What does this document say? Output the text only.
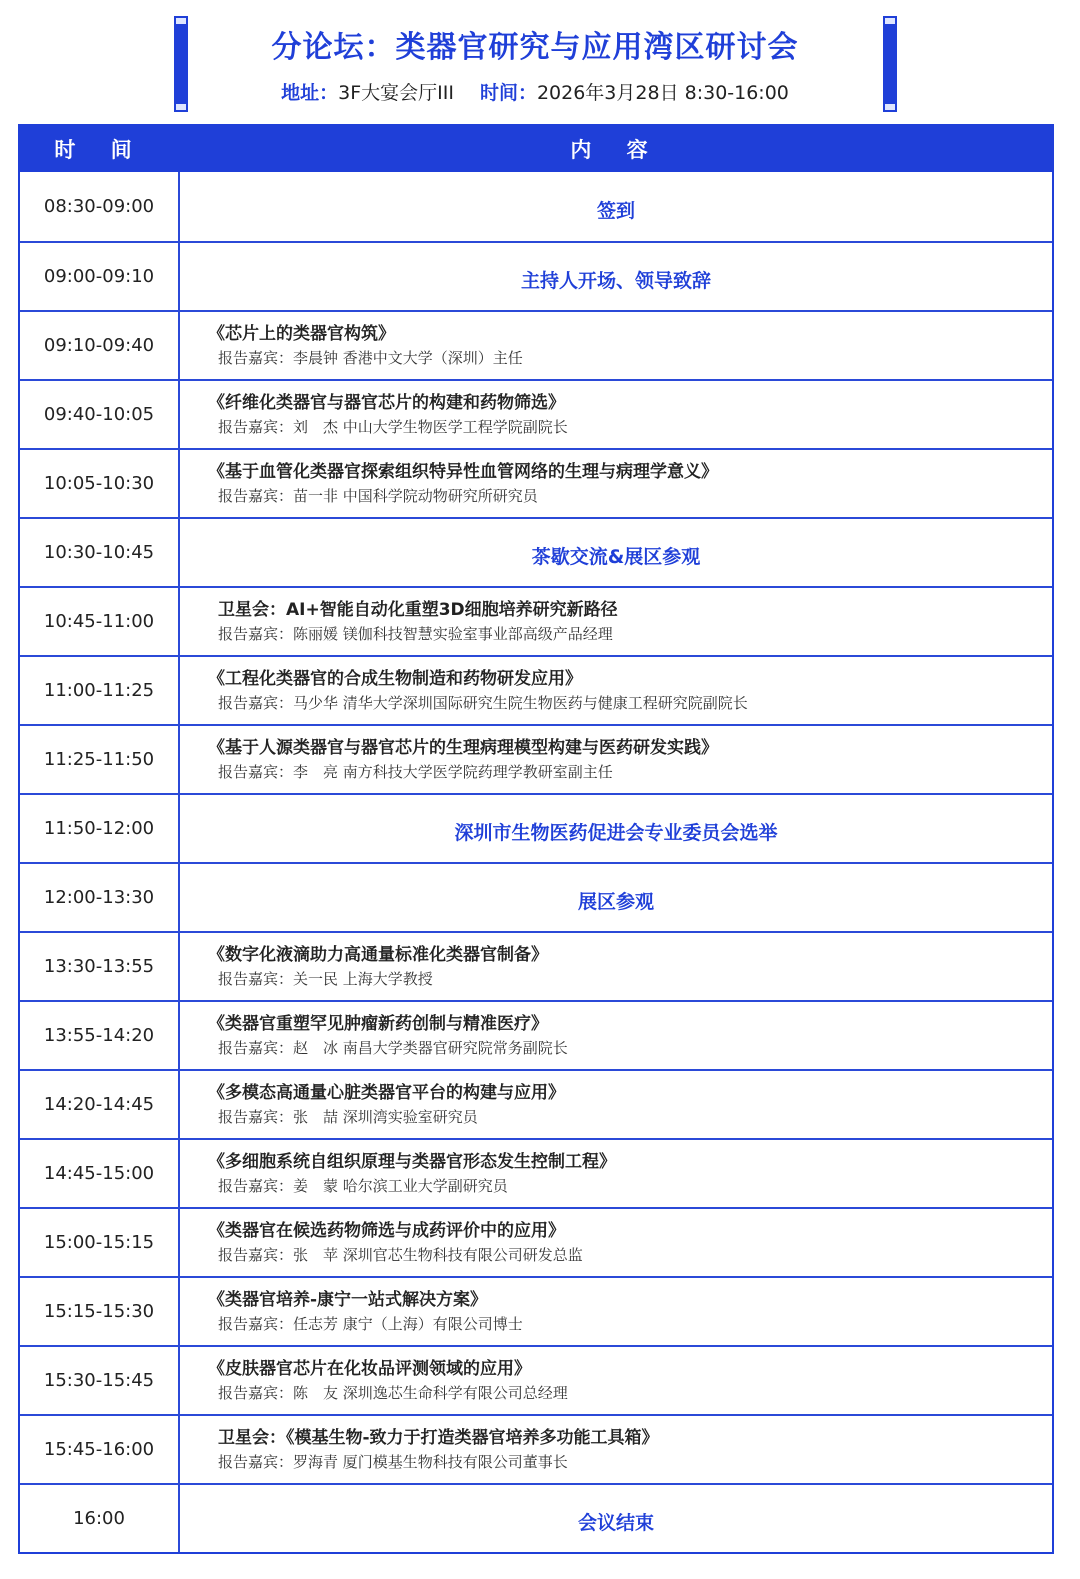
分论坛：类器官研究与应用湾区研讨会
地址：3F大宴会厅III 时间：2026年3月28日 8:30-16:00
时 间	内 容
08:30-09:00	签到
09:00-09:10	主持人开场、领导致辞
09:10-09:40
《芯片上的类器官构筑》
报告嘉宾：李晨钟 香港中文大学（深圳）主任
09:40-10:05
《纤维化类器官与器官芯片的构建和药物筛选》
报告嘉宾：刘　杰 中山大学生物医学工程学院副院长
10:05-10:30
《基于血管化类器官探索组织特异性血管网络的生理与病理学意义》
报告嘉宾：苗一非 中国科学院动物研究所研究员
10:30-10:45	茶歇交流&展区参观
10:45-11:00
卫星会：AI+智能自动化重塑3D细胞培养研究新路径
报告嘉宾：陈丽媛 镁伽科技智慧实验室事业部高级产品经理
11:00-11:25
《工程化类器官的合成生物制造和药物研发应用》
报告嘉宾：马少华 清华大学深圳国际研究生院生物医药与健康工程研究院副院长
11:25-11:50
《基于人源类器官与器官芯片的生理病理模型构建与医药研发实践》
报告嘉宾：李　亮 南方科技大学医学院药理学教研室副主任
11:50-12:00	深圳市生物医药促进会专业委员会选举
12:00-13:30	展区参观
13:30-13:55
《数字化液滴助力高通量标准化类器官制备》
报告嘉宾：关一民 上海大学教授
13:55-14:20
《类器官重塑罕见肿瘤新药创制与精准医疗》
报告嘉宾：赵　冰 南昌大学类器官研究院常务副院长
14:20-14:45
《多模态高通量心脏类器官平台的构建与应用》
报告嘉宾：张　喆 深圳湾实验室研究员
14:45-15:00
《多细胞系统自组织原理与类器官形态发生控制工程》
报告嘉宾：姜　蒙 哈尔滨工业大学副研究员
15:00-15:15
《类器官在候选药物筛选与成药评价中的应用》
报告嘉宾：张　苹 深圳官芯生物科技有限公司研发总监
15:15-15:30
《类器官培养-康宁一站式解决方案》
报告嘉宾：任志芳 康宁（上海）有限公司博士
15:30-15:45
《皮肤器官芯片在化妆品评测领域的应用》
报告嘉宾：陈　友 深圳逸芯生命科学有限公司总经理
15:45-16:00
卫星会：《模基生物-致力于打造类器官培养多功能工具箱》
报告嘉宾：罗海青 厦门模基生物科技有限公司董事长
16:00	会议结束
